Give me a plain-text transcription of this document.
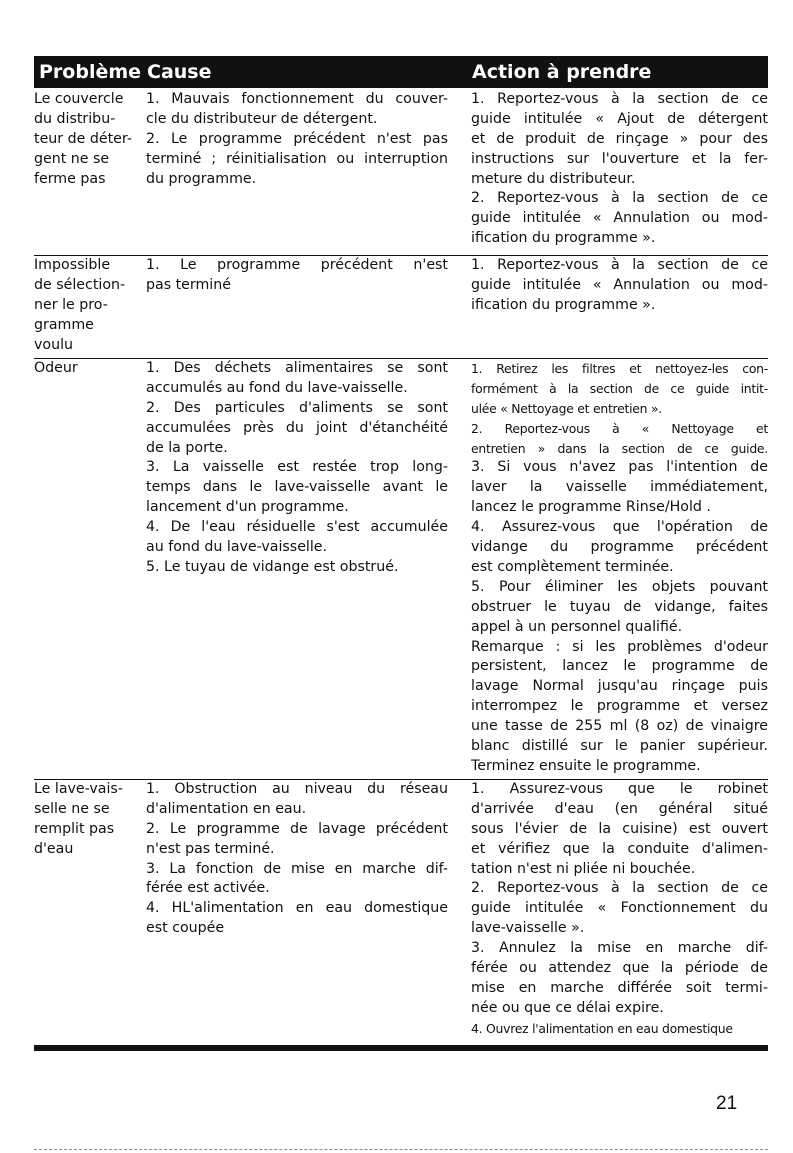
Problème Cause	Action à prendre
Le couvercle
du distribu-
teur de déter-
gent ne se
ferme pas
1. Mauvais fonctionnement du couver-
cle du distributeur de détergent.
2. Le programme précédent n'est pas
terminé ; réinitialisation ou interruption
du programme.
1. Reportez-vous à la section de ce
guide intitulée « Ajout de détergent
et de produit de rinçage » pour des
instructions sur l'ouverture et la fer-
meture du distributeur.
2. Reportez-vous à la section de ce
guide intitulée « Annulation ou mod-
ification du programme ».
Impossible
de sélection-
ner le pro-
gramme
voulu
1. Le programme précédent n'est
pas terminé
1. Reportez-vous à la section de ce
guide intitulée « Annulation ou mod-
ification du programme ».
Odeur	1. Des déchets alimentaires se sont
accumulés au fond du lave-vaisselle.
2. Des particules d'aliments se sont
accumulées près du joint d'étanchéité
de la porte.
3. La vaisselle est restée trop long-
temps dans le lave-vaisselle avant le
lancement d'un programme.
4. De l'eau résiduelle s'est accumulée
au fond du lave-vaisselle.
5. Le tuyau de vidange est obstrué.
1. Retirez les filtres et nettoyez-les con-
formément à la section de ce guide intit-
ulée « Nettoyage et entretien ».
2. Reportez-vous à « Nettoyage et
entretien » dans la section de ce guide.
3. Si vous n'avez pas l'intention de
laver la vaisselle immédiatement,
lancez le programme Rinse/Hold .
4. Assurez-vous que l'opération de
vidange du programme précédent
est complètement terminée.
5. Pour éliminer les objets pouvant
obstruer le tuyau de vidange, faites
appel à un personnel qualifié.
Remarque : si les problèmes d'odeur
persistent, lancez le programme de
lavage Normal jusqu'au rinçage puis
interrompez le programme et versez
une tasse de 255 ml (8 oz) de vinaigre
blanc distillé sur le panier supérieur.
Terminez ensuite le programme.
Le lave-vais-
selle ne se
remplit pas
d'eau
1. Obstruction au niveau du réseau
d'alimentation en eau.
2. Le programme de lavage précédent
n'est pas terminé.
3. La fonction de mise en marche dif-
férée est activée.
4. HL'alimentation en eau domestique
est coupée
1. Assurez-vous que le robinet
d'arrivée d'eau (en général situé
sous l'évier de la cuisine) est ouvert
et vérifiez que la conduite d'alimen-
tation n'est ni pliée ni bouchée.
2. Reportez-vous à la section de ce
guide intitulée « Fonctionnement du
lave-vaisselle ».
3. Annulez la mise en marche dif-
férée ou attendez que la période de
mise en marche différée soit termi-
née ou que ce délai expire.
4. Ouvrez l'alimentation en eau domestique
21
